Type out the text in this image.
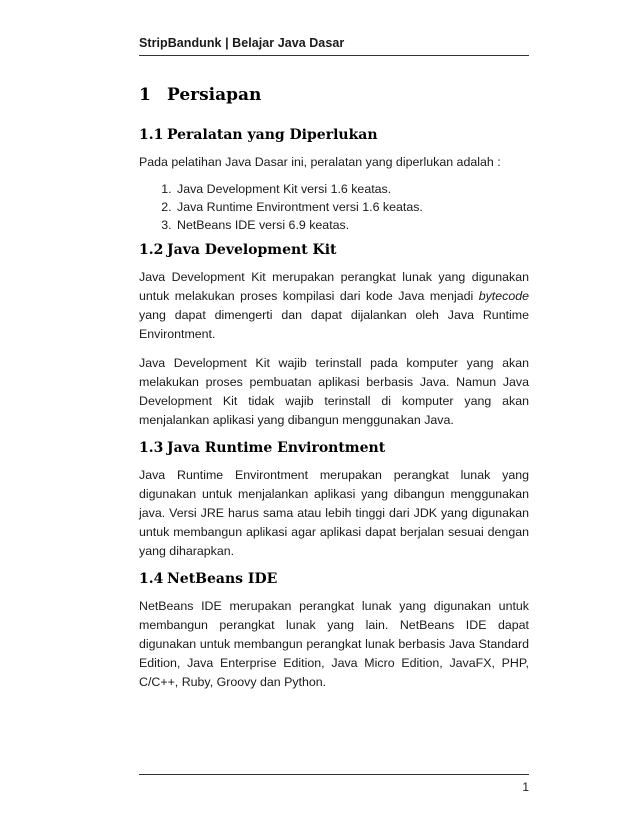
StripBandunk | Belajar Java Dasar
1 Persiapan
1.1 Peralatan yang Diperlukan

Pada pelatihan Java Dasar ini, peralatan yang diperlukan adalah :

1. Java Development Kit versi 1.6 keatas.
2. Java Runtime Environtment versi 1.6 keatas.
3. NetBeans IDE versi 6.9 keatas.
1.2 Java Development Kit

Java Development Kit merupakan perangkat lunak yang digunakan untuk melakukan proses kompilasi dari kode Java menjadi bytecode yang dapat dimengerti dan dapat dijalankan oleh Java Runtime Environtment.

Java Development Kit wajib terinstall pada komputer yang akan melakukan proses pembuatan aplikasi berbasis Java. Namun Java Development Kit tidak wajib terinstall di komputer yang akan menjalankan aplikasi yang dibangun menggunakan Java.

1.3 Java Runtime Environtment

Java Runtime Environtment merupakan perangkat lunak yang digunakan untuk menjalankan aplikasi yang dibangun menggunakan java. Versi JRE harus sama atau lebih tinggi dari JDK yang digunakan untuk membangun aplikasi agar aplikasi dapat berjalan sesuai dengan yang diharapkan.

1.4 NetBeans IDE

NetBeans IDE merupakan perangkat lunak yang digunakan untuk membangun perangkat lunak yang lain. NetBeans IDE dapat digunakan untuk membangun perangkat lunak berbasis Java Standard Edition, Java Enterprise Edition, Java Micro Edition, JavaFX, PHP, C/C++, Ruby, Groovy dan Python.

1
